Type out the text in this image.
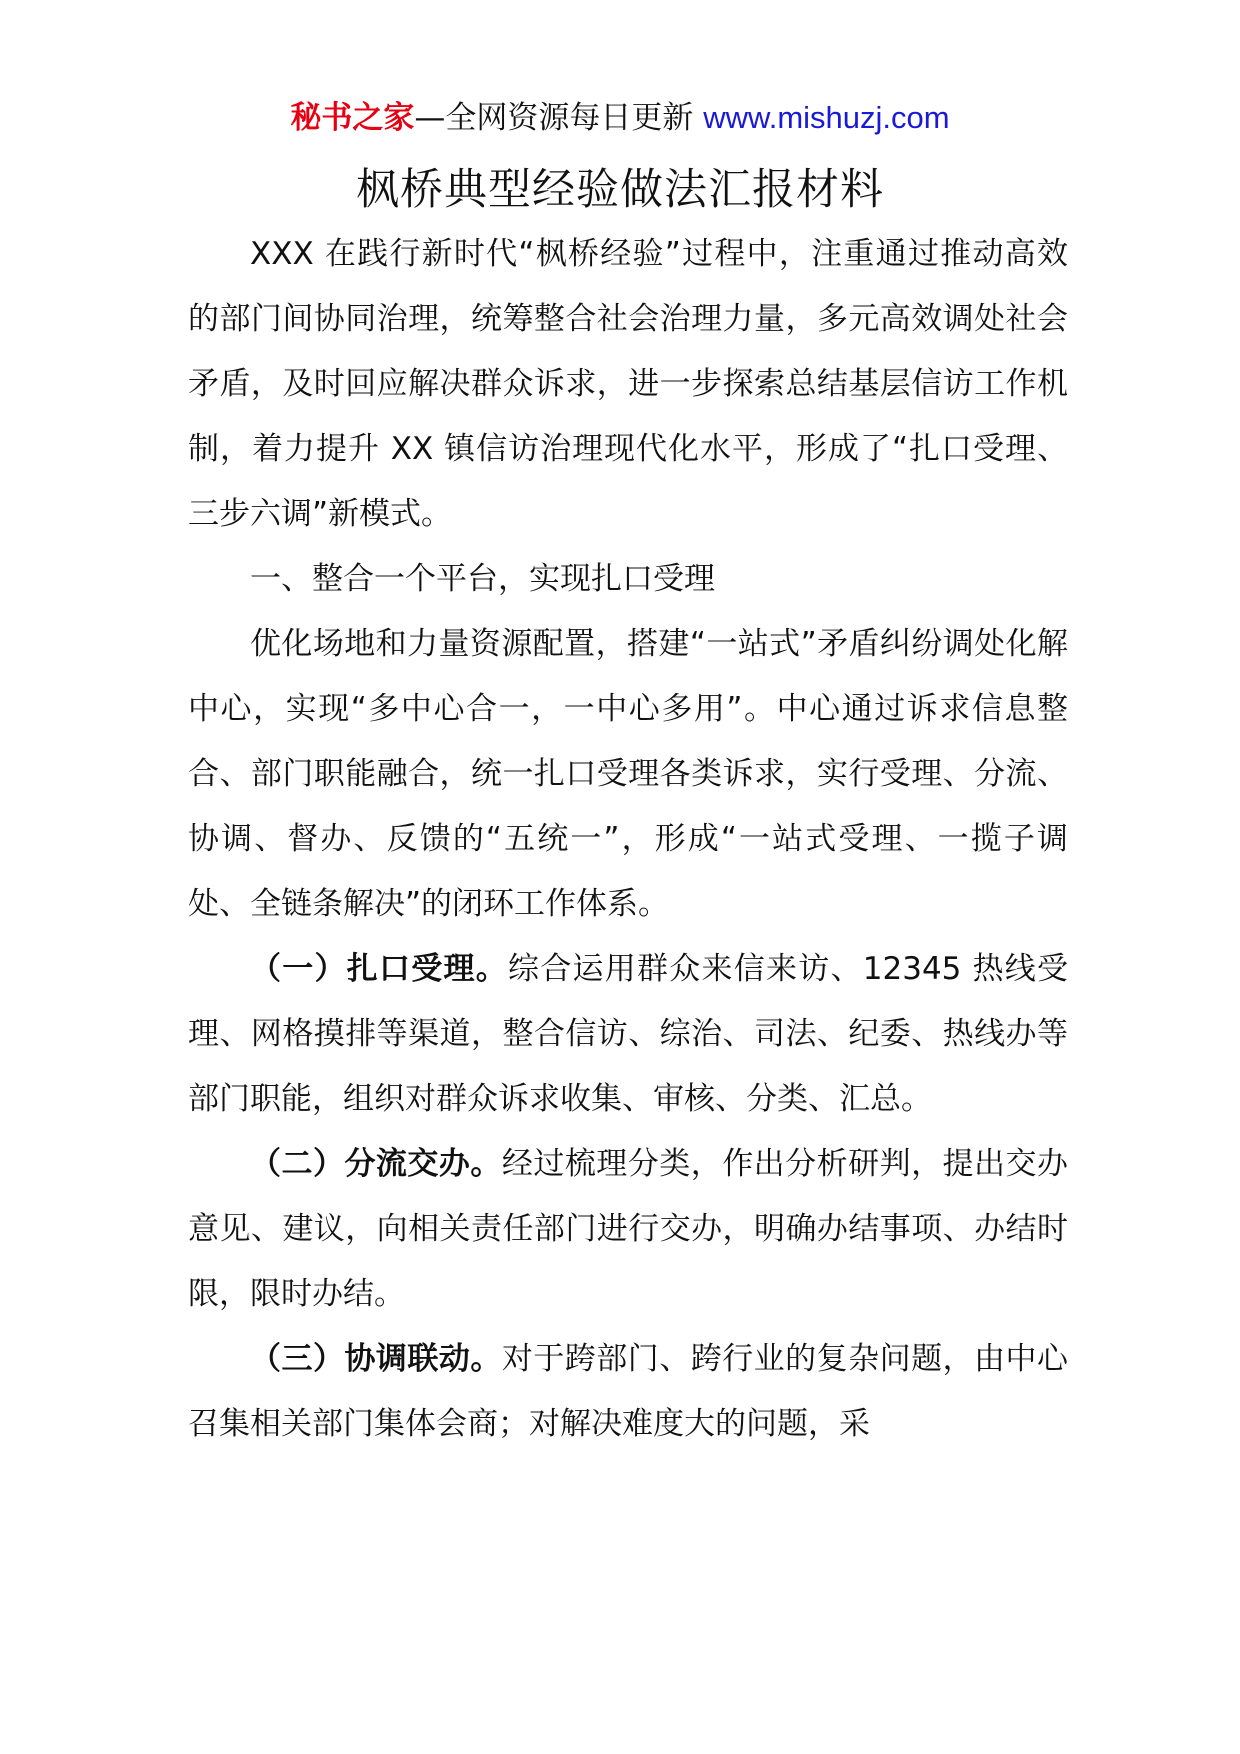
秘书之家—全网资源每日更新 www.mishuzj.com
枫桥典型经验做法汇报材料

XXX 在践行新时代“枫桥经验”过程中，注重通过推动高效的部门间协同治理，统筹整合社会治理力量，多元高效调处社会矛盾，及时回应解决群众诉求，进一步探索总结基层信访工作机制，着力提升 XX 镇信访治理现代化水平，形成了“扎口受理、三步六调”新模式。

一、整合一个平台，实现扎口受理

优化场地和力量资源配置，搭建“一站式”矛盾纠纷调处化解中心，实现“多中心合一，一中心多用”。中心通过诉求信息整合、部门职能融合，统一扎口受理各类诉求，实行受理、分流、协调、督办、反馈的“五统一”，形成“一站式受理、一揽子调处、全链条解决”的闭环工作体系。

（一）扎口受理。综合运用群众来信来访、12345 热线受理、网格摸排等渠道，整合信访、综治、司法、纪委、热线办等部门职能，组织对群众诉求收集、审核、分类、汇总。

（二）分流交办。经过梳理分类，作出分析研判，提出交办意见、建议，向相关责任部门进行交办，明确办结事项、办结时限，限时办结。

（三）协调联动。对于跨部门、跨行业的复杂问题，由中心召集相关部门集体会商；对解决难度大的问题，采
